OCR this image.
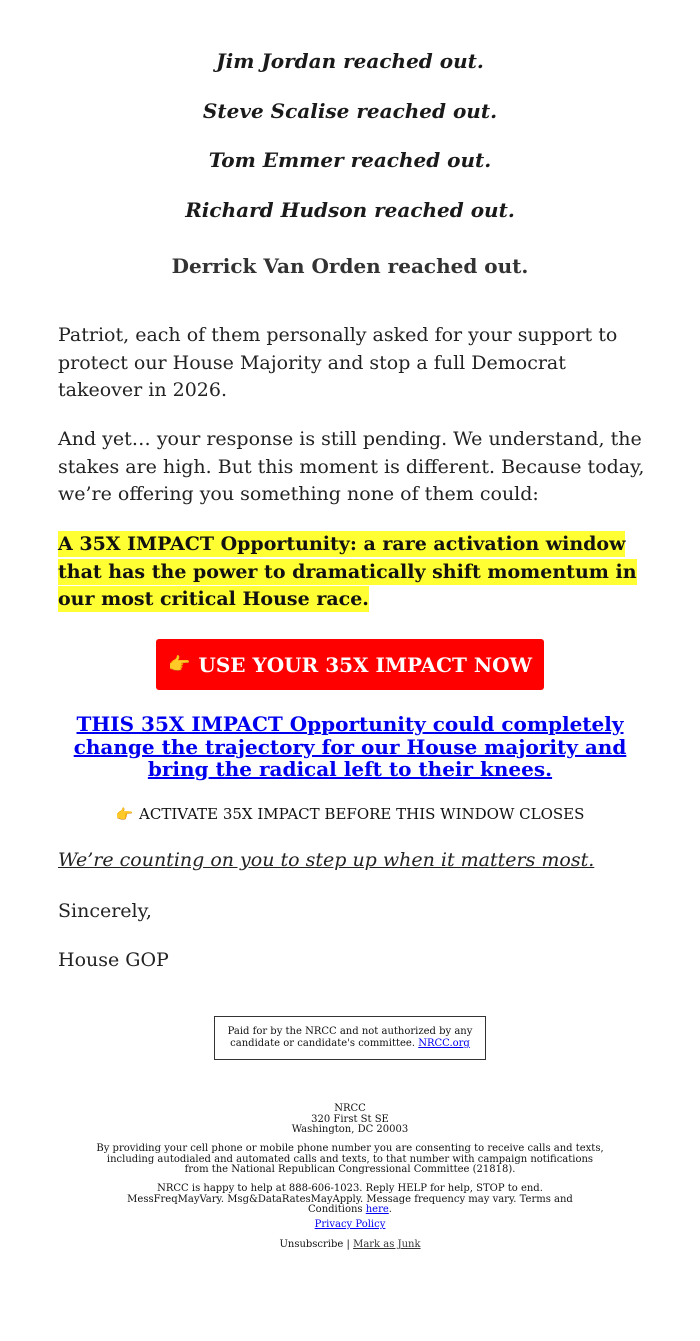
Jim Jordan reached out.
Steve Scalise reached out.
Tom Emmer reached out.
Richard Hudson reached out.
Derrick Van Orden reached out.
Patriot, each of them personally asked for your support to protect our House Majority and stop a full Democrat takeover in 2026.
And yet… your response is still pending. We understand, the stakes are high. But this moment is different. Because today, we’re offering you something none of them could:
A 35X IMPACT Opportunity: a rare activation window that has the power to dramatically shift momentum in our most critical House race.
👉 USE YOUR 35X IMPACT NOW
THIS 35X IMPACT Opportunity could completely change the trajectory for our House majority and bring the radical left to their knees.
👉 ACTIVATE 35X IMPACT BEFORE THIS WINDOW CLOSES
We’re counting on you to step up when it matters most.
Sincerely,
House GOP
Paid for by the NRCC and not authorized by any candidate or candidate's committee. NRCC.org
NRCC
320 First St SE
Washington, DC 20003
By providing your cell phone or mobile phone number you are consenting to receive calls and texts, including autodialed and automated calls and texts, to that number with campaign notifications from the National Republican Congressional Committee (21818).
NRCC is happy to help at 888-606-1023. Reply HELP for help, STOP to end. MessFreqMayVary. Msg&DataRatesMayApply. Message frequency may vary. Terms and Conditions here.
Privacy Policy
Unsubscribe | Mark as Junk
